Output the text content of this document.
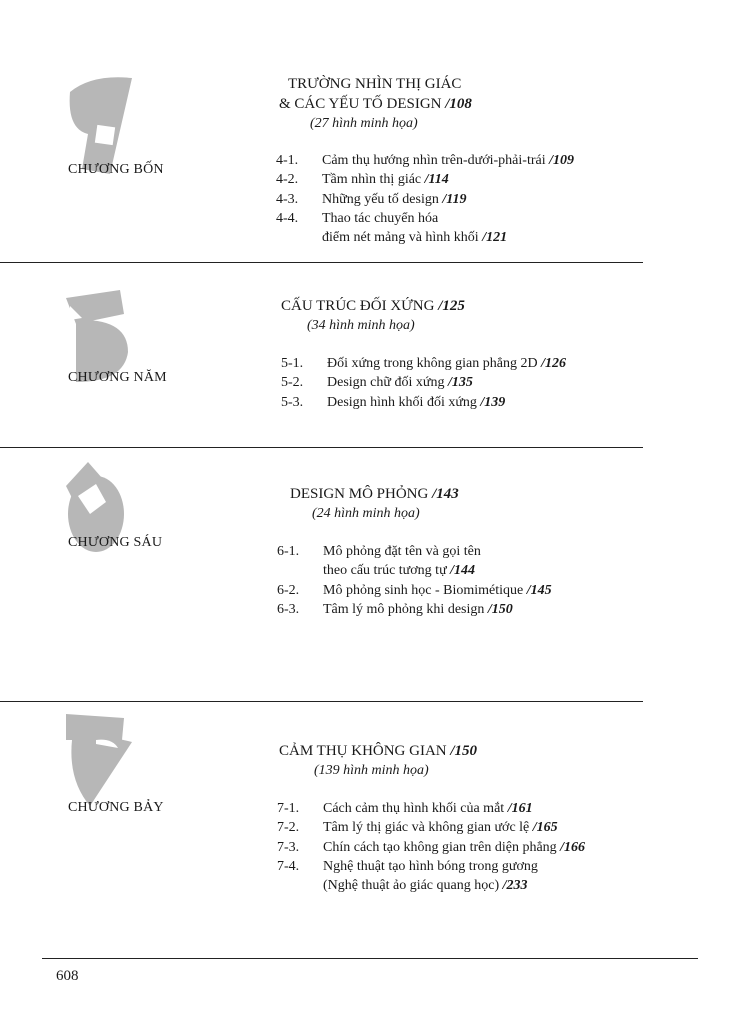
CHƯƠNG BỐN
TRƯỜNG NHÌN THỊ GIÁC
& CÁC YẾU TỐ DESIGN /108
(27 hình minh họa)
4-1. Cảm thụ hướng nhìn trên-dưới-phải-trái /109
4-2. Tầm nhìn thị giác /114
4-3. Những yếu tố design /119
4-4. Thao tác chuyển hóa
điểm nét mảng và hình khối /121
CHƯƠNG NĂM
CẤU TRÚC ĐỐI XỨNG /125
(34 hình minh họa)
5-1. Đối xứng trong không gian phẳng 2D /126
5-2. Design chữ đối xứng /135
5-3. Design hình khối đối xứng /139
CHƯƠNG SÁU
DESIGN MÔ PHỎNG /143
(24 hình minh họa)
6-1. Mô phỏng đặt tên và gọi tên
theo cấu trúc tương tự /144
6-2. Mô phỏng sinh học - Biomimétique /145
6-3. Tâm lý mô phỏng khi design /150
CHƯƠNG BẢY
CẢM THỤ KHÔNG GIAN /150
(139 hình minh họa)
7-1. Cách cảm thụ hình khối của mắt /161
7-2. Tâm lý thị giác và không gian ước lệ /165
7-3. Chín cách tạo không gian trên diện phẳng /166
7-4. Nghệ thuật tạo hình bóng trong gương
(Nghệ thuật ảo giác quang học) /233
608
